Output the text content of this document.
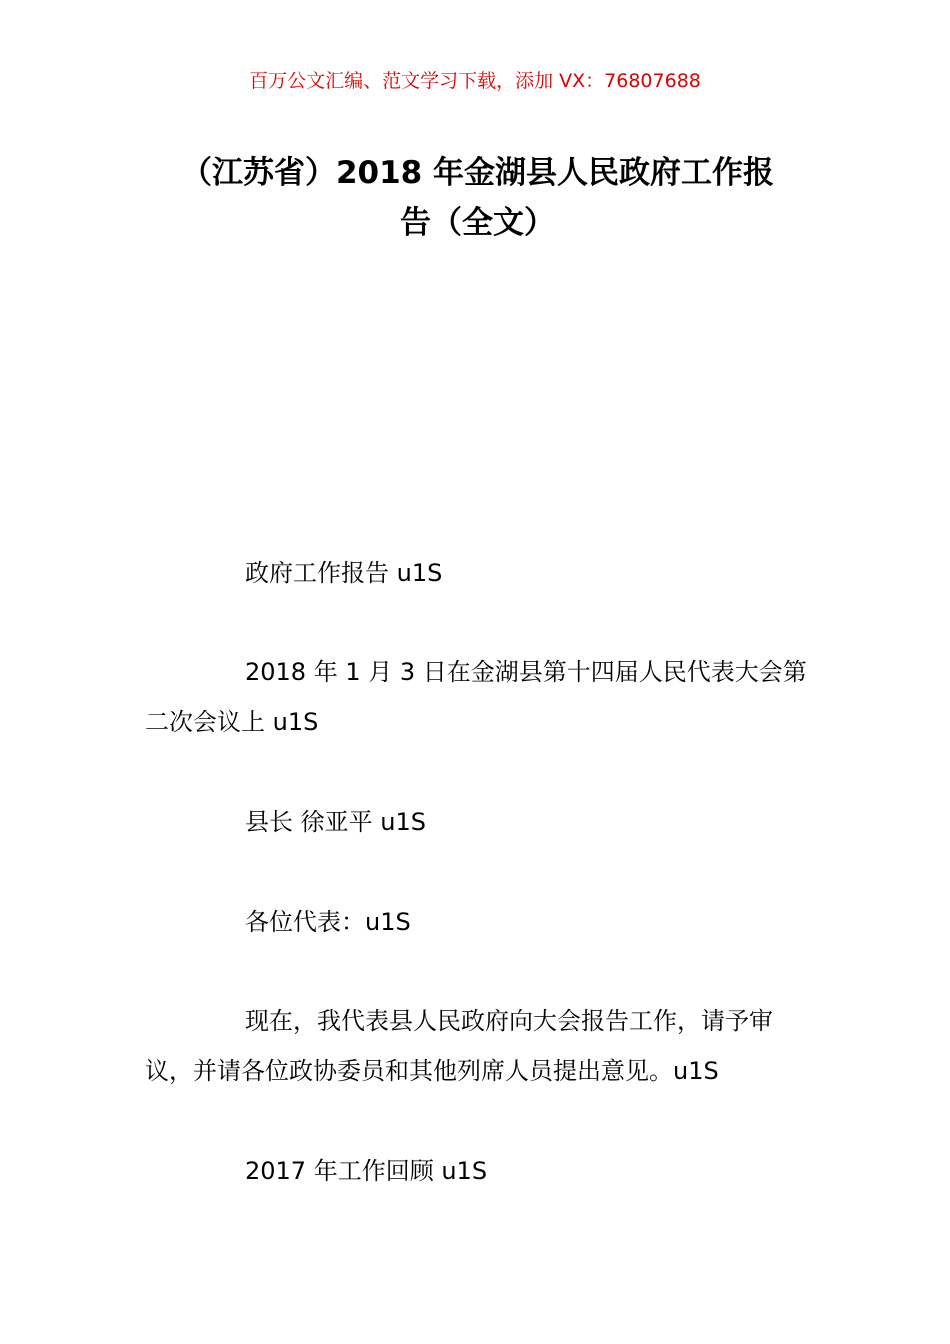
百万公文汇编、范文学习下载，添加 VX：76807688
（江苏省）2018 年金湖县人民政府工作报
告（全文）

政府工作报告 u1S

2018 年 1 月 3 日在金湖县第十四届人民代表大会第二次会议上 u1S

县长 徐亚平 u1S

各位代表：u1S

现在，我代表县人民政府向大会报告工作，请予审议，并请各位政协委员和其他列席人员提出意见。u1S

2017 年工作回顾 u1S
